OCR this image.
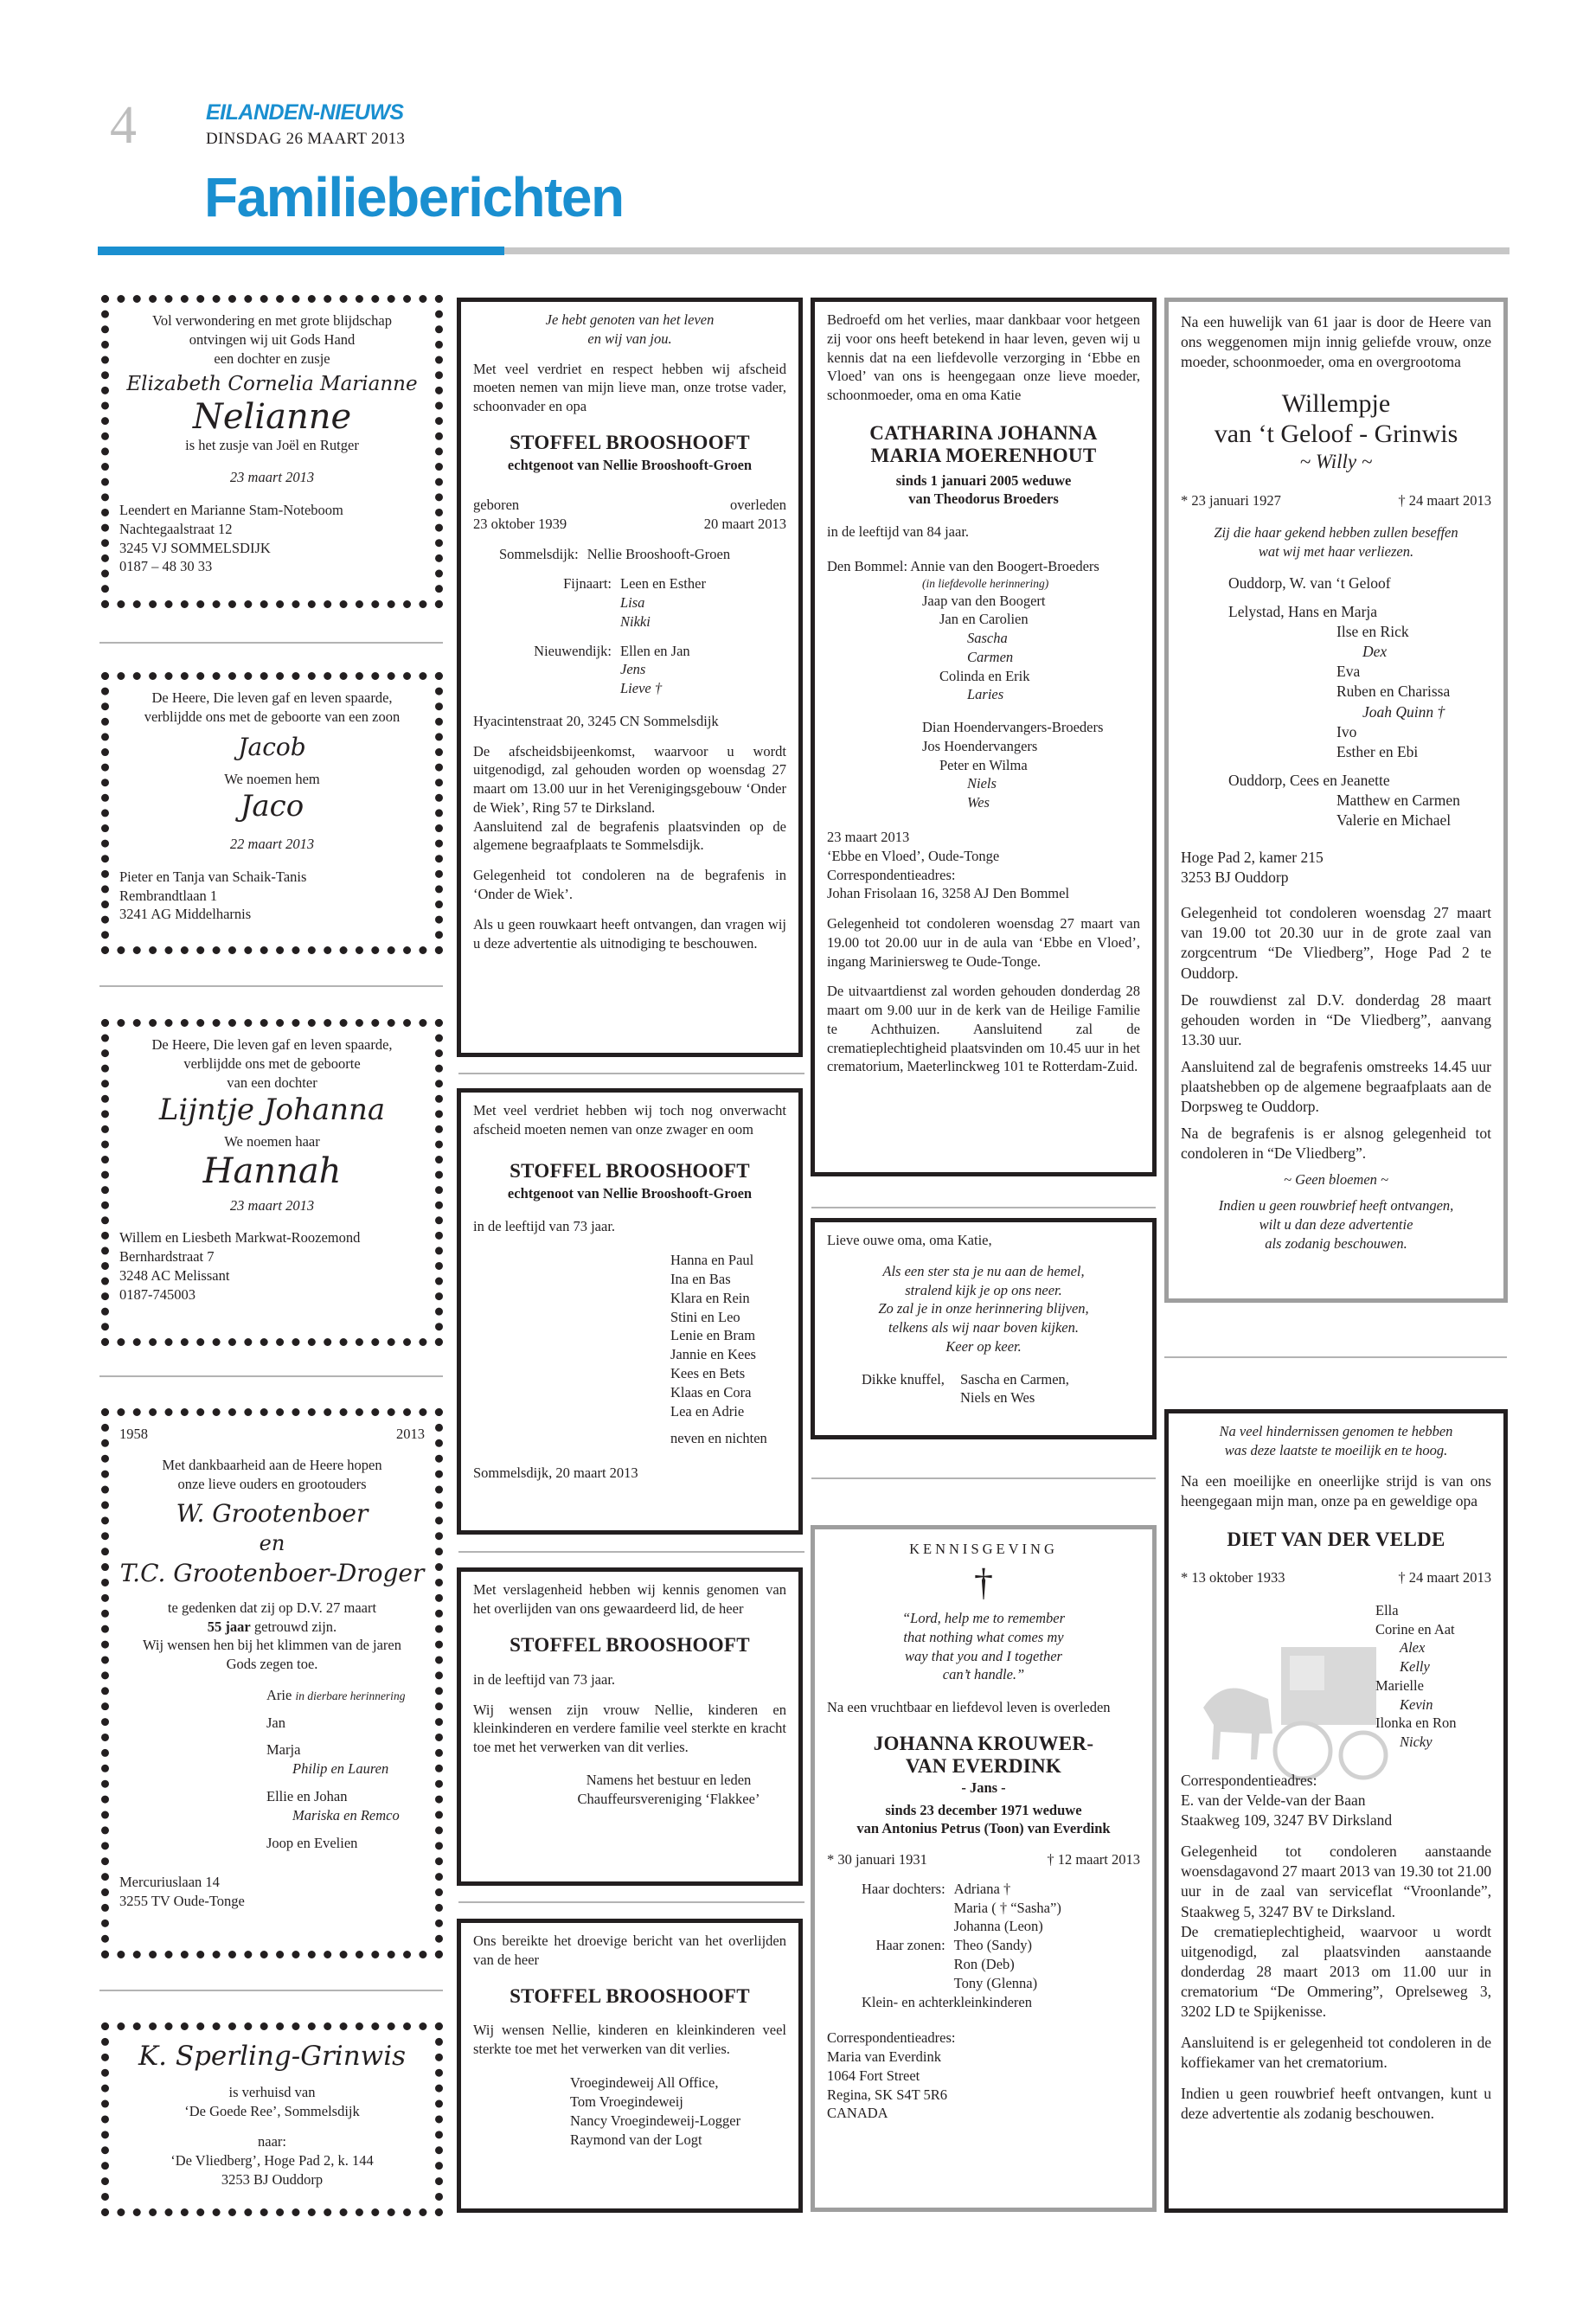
4	EILANDEN-NIEUWS
DINSDAG 26 MAART 2013
Familieberichten
Vol verwondering en met grote blijdschap
ontvingen wij uit Gods Hand
een dochter en zusje
Elizabeth Cornelia Marianne
Nelianne
is het zusje van Joël en Rutger
23 maart 2013
Leendert en Marianne Stam-Noteboom
Nachtegaalstraat 12
3245 VJ SOMMELSDIJK
0187 – 48 30 33
De Heere, Die leven gaf en leven spaarde,
verblijdde ons met de geboorte van een zoon
Jacob
We noemen hem
Jaco
22 maart 2013
Pieter en Tanja van Schaik-Tanis
Rembrandtlaan 1
3241 AG Middelharnis
De Heere, Die leven gaf en leven spaarde,
verblijdde ons met de geboorte
van een dochter
Lijntje Johanna
We noemen haar
Hannah
23 maart 2013
Willem en Liesbeth Markwat-Roozemond
Bernhardstraat 7
3248 AC Melissant
0187-745003
1958	2013
Met dankbaarheid aan de Heere hopen
onze lieve ouders en grootouders
W. Grootenboer
en
T.C. Grootenboer-Droger
te gedenken dat zij op D.V. 27 maart
55 jaar getrouwd zijn.
Wij wensen hen bij het klimmen van de jaren
Gods zegen toe.
Arie in dierbare herinnering
Jan
Marja
Philip en Lauren
Ellie en Johan
Mariska en Remco
Joop en Evelien
Mercuriuslaan 14
3255 TV Oude-Tonge
K. Sperling-Grinwis
is verhuisd van
‘De Goede Ree’, Sommelsdijk
naar:
‘De Vliedberg’, Hoge Pad 2, k. 144
3253 BJ Ouddorp
Je hebt genoten van het leven
en wij van jou.
Met veel verdriet en respect hebben wij afscheid moeten nemen van mijn lieve man, onze trotse vader, schoonvader en opa
STOFFEL BROOSHOOFT
echtgenoot van Nellie Brooshooft-Groen
geboren	overleden
23 oktober 1939	20 maart 2013
Sommelsdijk: Nellie Brooshooft-Groen
Fijnaart: Leen en Esther
Lisa
Nikki
Nieuwendijk: Ellen en Jan
Jens
Lieve †
Hyacintenstraat 20, 3245 CN Sommelsdijk
De afscheidsbijeenkomst, waarvoor u wordt uitgenodigd, zal gehouden worden op woensdag 27 maart om 13.00 uur in het Verenigingsgebouw ‘Onder de Wiek’, Ring 57 te Dirksland.
Aansluitend zal de begrafenis plaatsvinden op de algemene begraafplaats te Sommelsdijk.
Gelegenheid tot condoleren na de begrafenis in ‘Onder de Wiek’.
Als u geen rouwkaart heeft ontvangen, dan vragen wij u deze advertentie als uitnodiging te beschouwen.
Met veel verdriet hebben wij toch nog onverwacht afscheid moeten nemen van onze zwager en oom
STOFFEL BROOSHOOFT
echtgenoot van Nellie Brooshooft-Groen
in de leeftijd van 73 jaar.
Hanna en Paul
Ina en Bas
Klara en Rein
Stini en Leo
Lenie en Bram
Jannie en Kees
Kees en Bets
Klaas en Cora
Lea en Adrie
neven en nichten
Sommelsdijk, 20 maart 2013
Met verslagenheid hebben wij kennis genomen van het overlijden van ons gewaardeerd lid, de heer
STOFFEL BROOSHOOFT
in de leeftijd van 73 jaar.
Wij wensen zijn vrouw Nellie, kinderen en kleinkinderen en verdere familie veel sterkte en kracht toe met het verwerken van dit verlies.
Namens het bestuur en leden
Chauffeursvereniging ‘Flakkee’
Ons bereikte het droevige bericht van het overlijden van de heer
STOFFEL BROOSHOOFT
Wij wensen Nellie, kinderen en kleinkinderen veel sterkte toe met het verwerken van dit verlies.
Vroegindeweij All Office,
Tom Vroegindeweij
Nancy Vroegindeweij-Logger
Raymond van der Logt
Bedroefd om het verlies, maar dankbaar voor hetgeen zij voor ons heeft betekend in haar leven, geven wij u kennis dat na een liefdevolle verzorging in ‘Ebbe en Vloed’ van ons is heengegaan onze lieve moeder, schoonmoeder, oma en oma Katie
CATHARINA JOHANNA
MARIA MOERENHOUT
sinds 1 januari 2005 weduwe
van Theodorus Broeders
in de leeftijd van 84 jaar.
Den Bommel: Annie van den Boogert-Broeders
(in liefdevolle herinnering)
Jaap van den Boogert
Jan en Carolien
Sascha
Carmen
Colinda en Erik
Laries
Dian Hoendervangers-Broeders
Jos Hoendervangers
Peter en Wilma
Niels
Wes
23 maart 2013
‘Ebbe en Vloed’, Oude-Tonge
Correspondentieadres:
Johan Frisolaan 16, 3258 AJ Den Bommel
Gelegenheid tot condoleren woensdag 27 maart van 19.00 tot 20.00 uur in de aula van ‘Ebbe en Vloed’, ingang Mariniersweg te Oude-Tonge.
De uitvaartdienst zal worden gehouden donderdag 28 maart om 9.00 uur in de kerk van de Heilige Familie te Achthuizen. Aansluitend zal de crematieplechtigheid plaatsvinden om 10.45 uur in het crematorium, Maeterlinckweg 101 te Rotterdam-Zuid.
Lieve ouwe oma, oma Katie,
Als een ster sta je nu aan de hemel,
stralend kijk je op ons neer.
Zo zal je in onze herinnering blijven,
telkens als wij naar boven kijken.
Keer op keer.
Dikke knuffel, Sascha en Carmen,
Niels en Wes
KENNISGEVING
†
“Lord, help me to remember
that nothing what comes my
way that you and I together
can’t handle.”
Na een vruchtbaar en liefdevol leven is overleden
JOHANNA KROUWER-
VAN EVERDINK
- Jans -
sinds 23 december 1971 weduwe
van Antonius Petrus (Toon) van Everdink
* 30 januari 1931	† 12 maart 2013
Haar dochters: Adriana †
Maria ( † “Sasha”)
Johanna (Leon)
Haar zonen: Theo (Sandy)
Ron (Deb)
Tony (Glenna)
Klein- en achterkleinkinderen
Correspondentieadres:
Maria van Everdink
1064 Fort Street
Regina, SK S4T 5R6
CANADA
Na een huwelijk van 61 jaar is door de Heere van ons weggenomen mijn innig geliefde vrouw, onze moeder, schoonmoeder, oma en overgrootoma
Willempje
van ‘t Geloof - Grinwis
~ Willy ~
* 23 januari 1927	† 24 maart 2013
Zij die haar gekend hebben zullen beseffen
wat wij met haar verliezen.
Ouddorp, W. van ‘t Geloof
Lelystad, Hans en Marja
Ilse en Rick
Dex
Eva
Ruben en Charissa
Joah Quinn †
Ivo
Esther en Ebi
Ouddorp, Cees en Jeanette
Matthew en Carmen
Valerie en Michael
Hoge Pad 2, kamer 215
3253 BJ Ouddorp
Gelegenheid tot condoleren woensdag 27 maart van 19.00 tot 20.30 uur in de grote zaal van zorgcentrum “De Vliedberg”, Hoge Pad 2 te Ouddorp.
De rouwdienst zal D.V. donderdag 28 maart gehouden worden in “De Vliedberg”, aanvang 13.30 uur.
Aansluitend zal de begrafenis omstreeks 14.45 uur plaatshebben op de algemene begraafplaats aan de Dorpsweg te Ouddorp.
Na de begrafenis is er alsnog gelegenheid tot condoleren in “De Vliedberg”.
~ Geen bloemen ~
Indien u geen rouwbrief heeft ontvangen,
wilt u dan deze advertentie
als zodanig beschouwen.
Na veel hindernissen genomen te hebben
was deze laatste te moeilijk en te hoog.
Na een moeilijke en oneerlijke strijd is van ons heengegaan mijn man, onze pa en geweldige opa
DIET VAN DER VELDE
* 13 oktober 1933	† 24 maart 2013
Ella
Corine en Aat
Alex
Kelly
Marielle
Kevin
Ilonka en Ron
Nicky
Correspondentieadres:
E. van der Velde-van der Baan
Staakweg 109, 3247 BV Dirksland
Gelegenheid tot condoleren aanstaande woensdagavond 27 maart 2013 van 19.30 tot 21.00 uur in de zaal van serviceflat “Vroonlande”, Staakweg 5, 3247 BV te Dirksland.
De crematieplechtigheid, waarvoor u wordt uitgenodigd, zal plaatsvinden aanstaande donderdag 28 maart 2013 om 11.00 uur in crematorium “De Ommering”, Oprelseweg 3, 3202 LD te Spijkenisse.
Aansluitend is er gelegenheid tot condoleren in de koffiekamer van het crematorium.
Indien u geen rouwbrief heeft ontvangen, kunt u deze advertentie als zodanig beschouwen.
